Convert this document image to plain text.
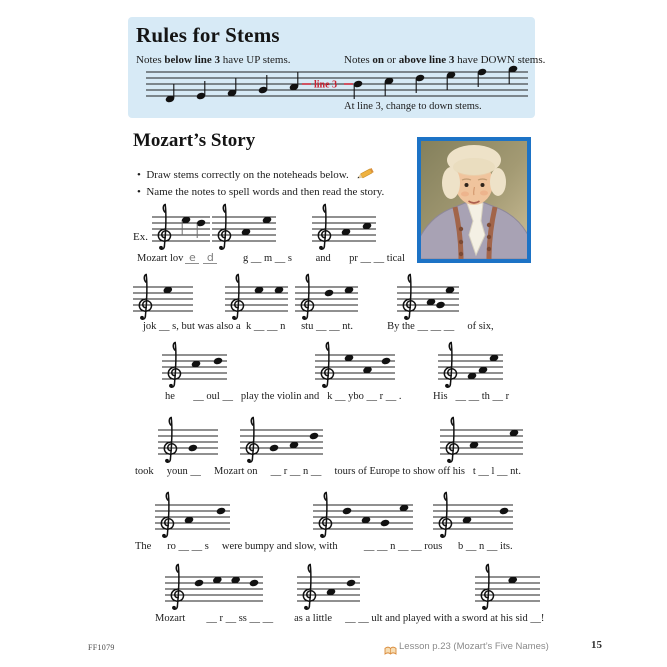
Rules for Stems
Notes below line 3 have UP stems.	Notes on or above line 3 have DOWN stems.
line 3
At line 3, change to down stems.
Mozart’s Story
•  Draw stems correctly on the noteheads below.
•  Name the notes to spell words and then read the story.
Ex.
Mozart lov e d         g __ m __ s         and       pr __ __ tical
jok __ s, but was also a  k __ __ n      stu __ __ nt.             By the __ __ __     of six,
he       __ oul __   play the violin and   k __ ybo __ r __ .            His   __ __ th __ r
took     youn __     Mozart on     __ r __ n __     tours of Europe to show off his   t __ l __ nt.
The      ro __ __ s     were bumpy and slow, with          __ __ n __ __ rous      b __ n __ its.
Mozart        __ r __ ss __ __        as a little     __ __ ult and played with a sword at his sid __!
FF1079	Lesson p.23 (Mozart’s Five Names)	15
